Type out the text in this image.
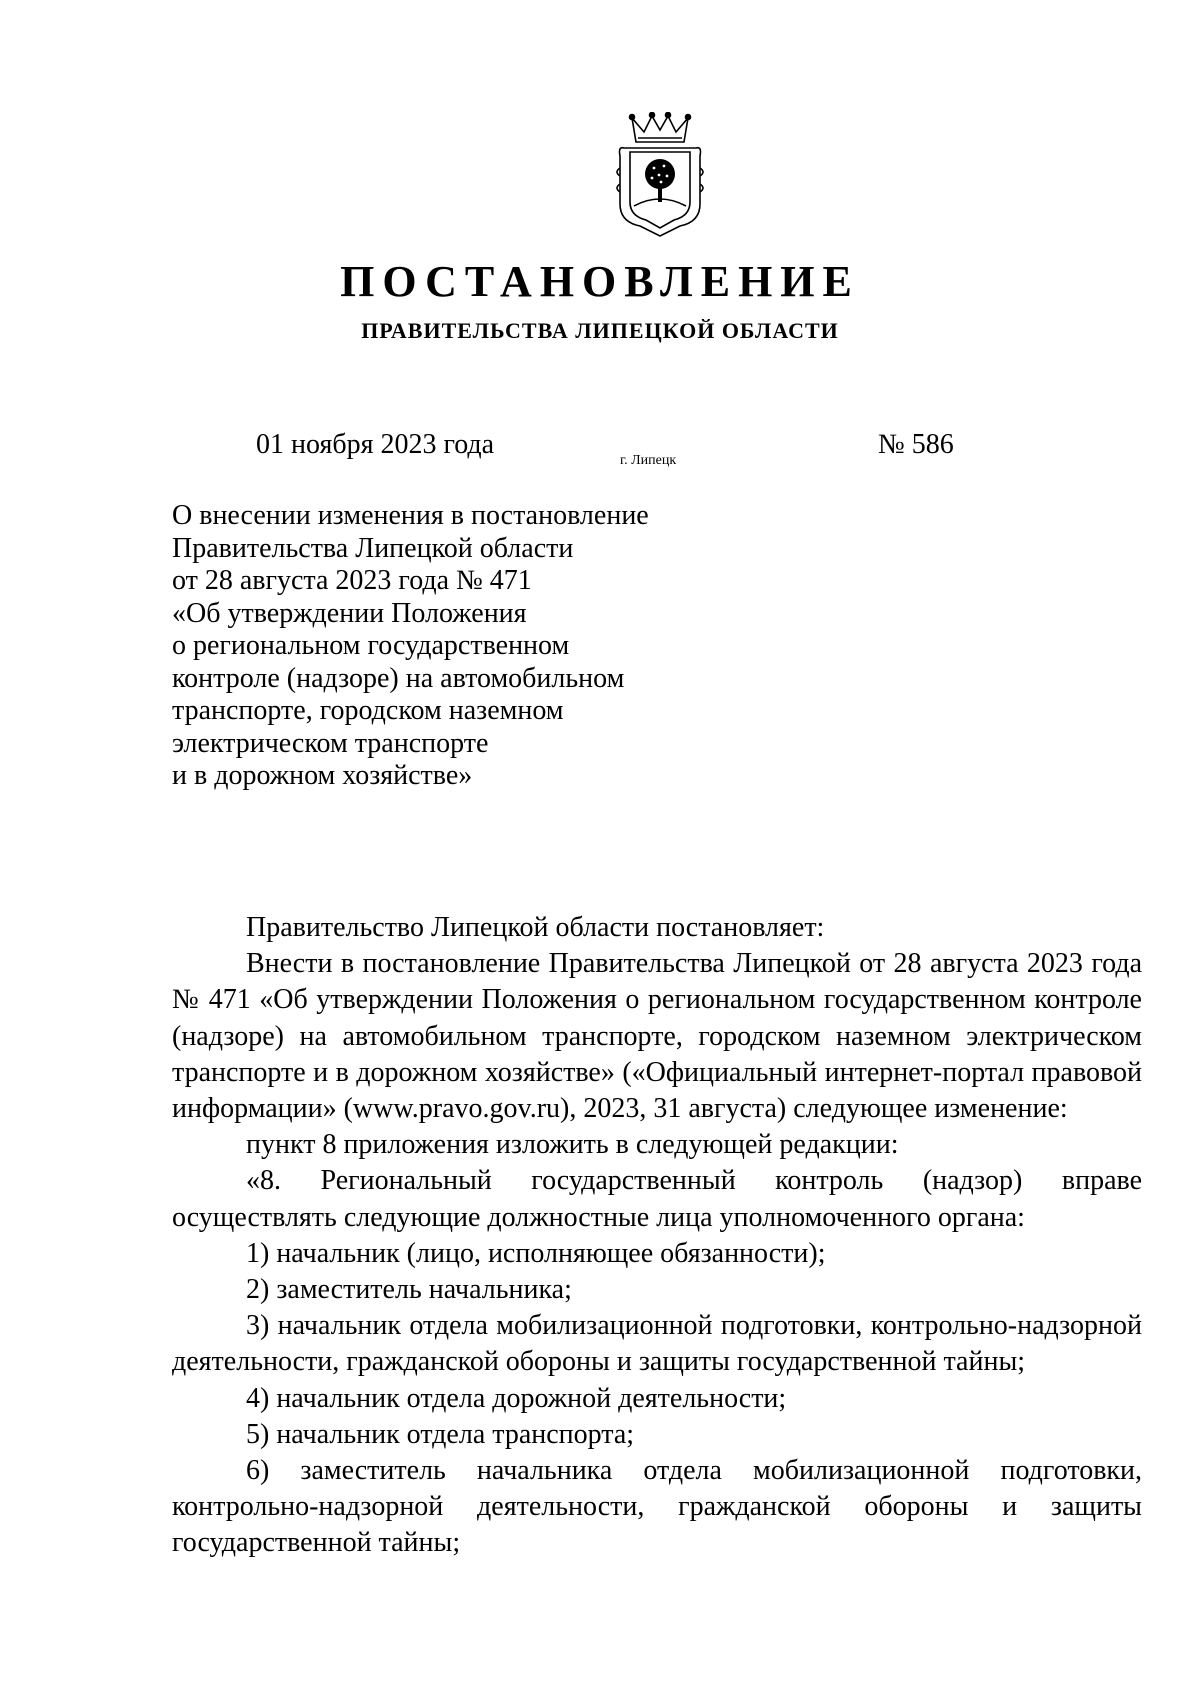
ПОСТАНОВЛЕНИЕ
ПРАВИТЕЛЬСТВА ЛИПЕЦКОЙ ОБЛАСТИ
01 ноября 2023 года
г. Липецк
№ 586
О внесении изменения в постановление
Правительства Липецкой области
от 28 августа 2023 года № 471
«Об утверждении Положения
о региональном государственном
контроле (надзоре) на автомобильном
транспорте, городском наземном
электрическом транспорте
и в дорожном хозяйстве»

Правительство Липецкой области постановляет:

Внести в постановление Правительства Липецкой от 28 августа 2023 года № 471 «Об утверждении Положения о региональном государственном контроле (надзоре) на автомобильном транспорте, городском наземном электрическом транспорте и в дорожном хозяйстве» («Официальный интернет-портал правовой информации» (www.pravo.gov.ru), 2023, 31 августа) следующее изменение:

пункт 8 приложения изложить в следующей редакции:

«8. Региональный государственный контроль (надзор) вправе осуществлять следующие должностные лица уполномоченного органа:

1) начальник (лицо, исполняющее обязанности);

2) заместитель начальника;

3) начальник отдела мобилизационной подготовки, контрольно-надзорной деятельности, гражданской обороны и защиты государственной тайны;

4) начальник отдела дорожной деятельности;

5) начальник отдела транспорта;

6) заместитель начальника отдела мобилизационной подготовки, контрольно-надзорной деятельности, гражданской обороны и защиты государственной тайны;
